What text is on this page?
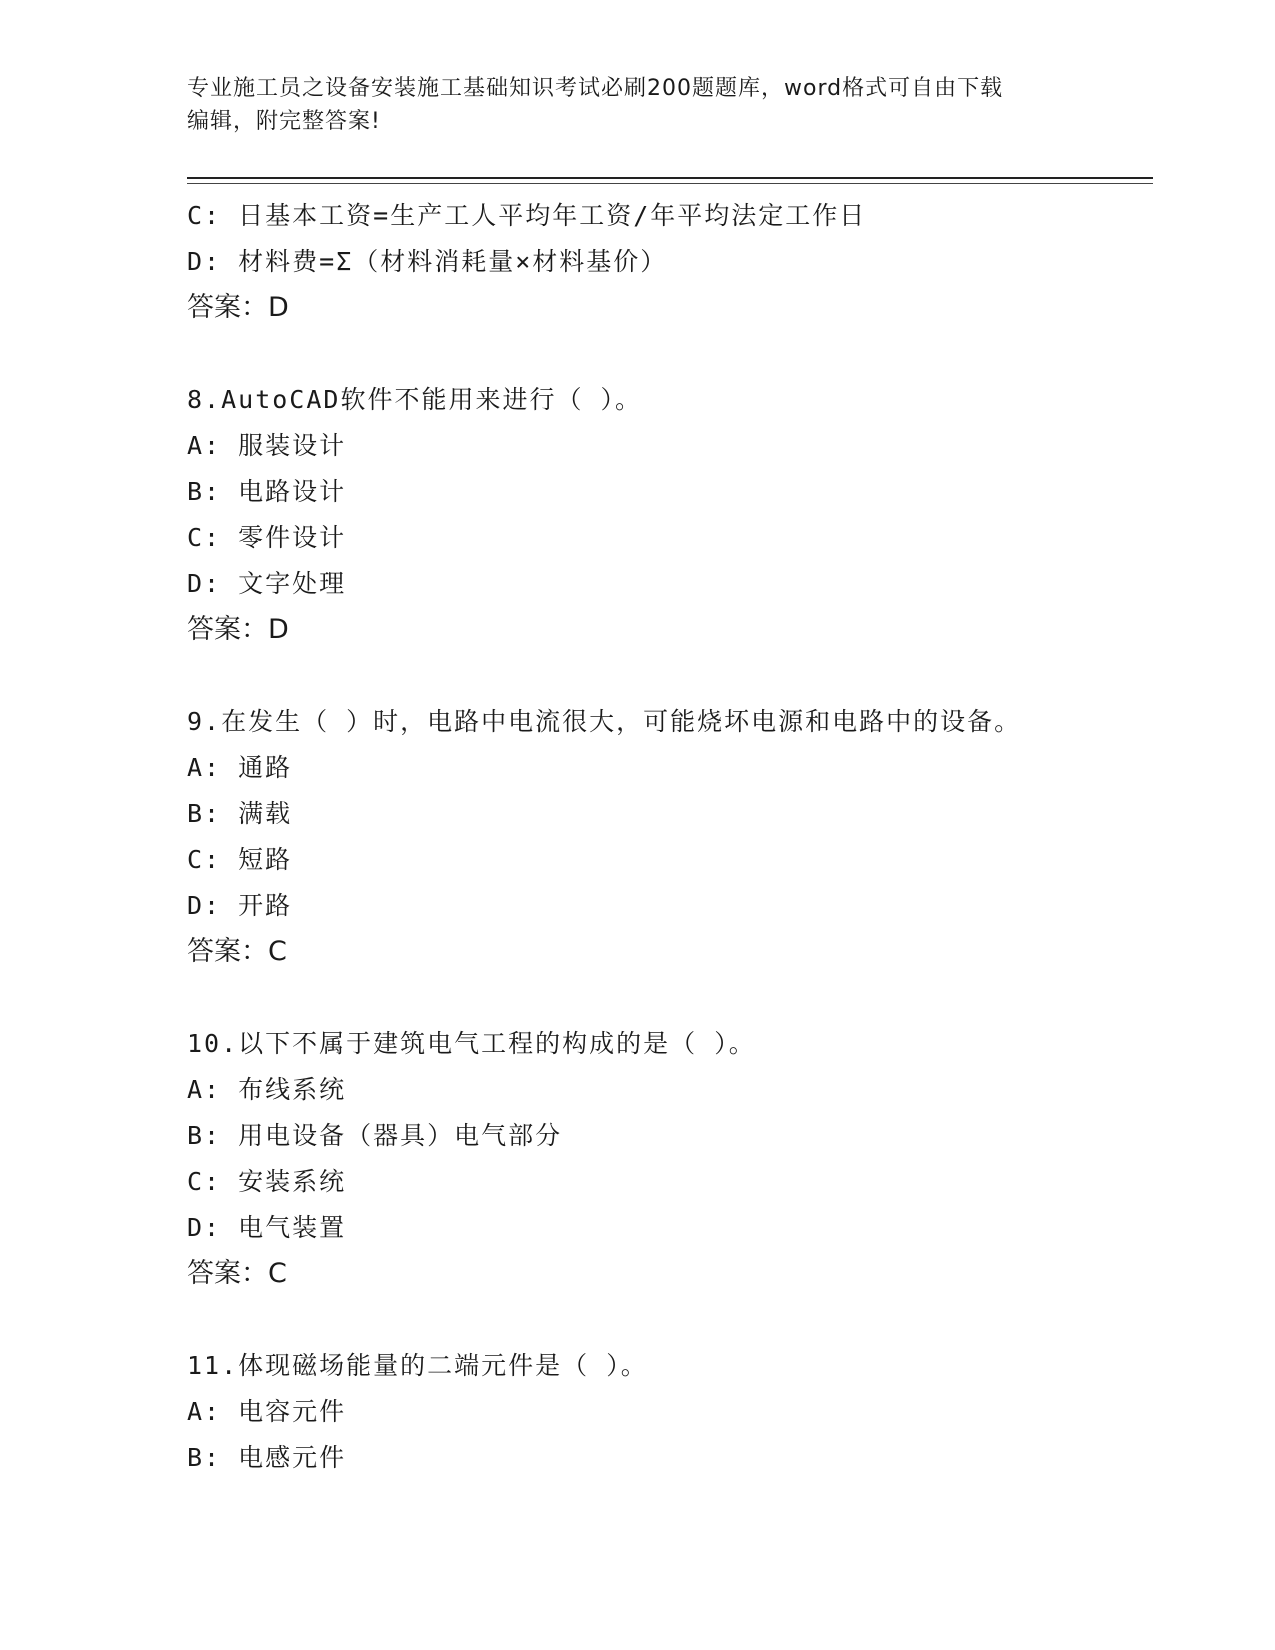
专业施工员之设备安装施工基础知识考试必刷200题题库，word格式可自由下载
编辑，附完整答案!
C: 日基本工资=生产工人平均年工资/年平均法定工作日
D: 材料费=Σ（材料消耗量×材料基价）
答案：D
8.AutoCAD软件不能用来进行（ ）。
A: 服装设计
B: 电路设计
C: 零件设计
D: 文字处理
答案：D
9.在发生（ ）时，电路中电流很大，可能烧坏电源和电路中的设备。
A: 通路
B: 满载
C: 短路
D: 开路
答案：C
10.以下不属于建筑电气工程的构成的是（ ）。
A: 布线系统
B: 用电设备（器具）电气部分
C: 安装系统
D: 电气装置
答案：C
11.体现磁场能量的二端元件是（ ）。
A: 电容元件
B: 电感元件
